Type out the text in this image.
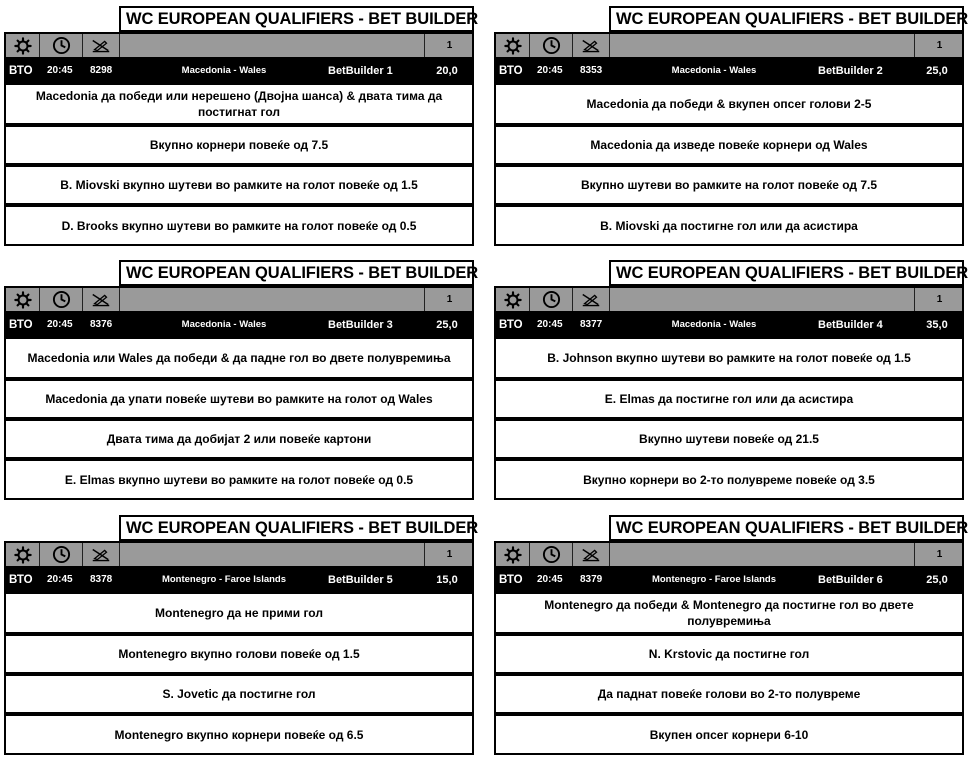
WC EUROPEAN QUALIFIERS - BET BUILDER
1
ВТО 20:45 8298	Macedonia - Wales	BetBuilder 1	20,0
Macedonia да победи или нерешено (Двојна шанса) & двата тима да постигнат гол
Вкупно корнери повеќе од 7.5
B. Miovski вкупно шутеви во рамките на голот повеќе од 1.5
D. Brooks вкупно шутеви во рамките на голот повеќе од 0.5
WC EUROPEAN QUALIFIERS - BET BUILDER
1
ВТО 20:45 8353	Macedonia - Wales	BetBuilder 2	25,0
Macedonia да победи & вкупен опсег голови 2-5
Macedonia да изведе повеќе корнери од Wales
Вкупно шутеви во рамките на голот повеќе од 7.5
B. Miovski да постигне гол или да асистира
WC EUROPEAN QUALIFIERS - BET BUILDER
1
ВТО 20:45 8376	Macedonia - Wales	BetBuilder 3	25,0
Macedonia или Wales да победи & да падне гол во двете полувремиња
Macedonia да упати повеќе шутеви во рамките на голот од Wales
Двата тима да добијат 2 или повеќе картони
E. Elmas вкупно шутеви во рамките на голот повеќе од 0.5
WC EUROPEAN QUALIFIERS - BET BUILDER
1
ВТО 20:45 8377	Macedonia - Wales	BetBuilder 4	35,0
B. Johnson вкупно шутеви во рамките на голот повеќе од 1.5
E. Elmas да постигне гол или да асистира
Вкупно шутеви повеќе од 21.5
Вкупно корнери во 2-то полувреме повеќе од 3.5
WC EUROPEAN QUALIFIERS - BET BUILDER
1
ВТО 20:45 8378	Montenegro - Faroe Islands	BetBuilder 5	15,0
Montenegro да не прими гол
Montenegro вкупно голови повеќе од 1.5
S. Jovetic да постигне гол
Montenegro вкупно корнери повеќе од 6.5
WC EUROPEAN QUALIFIERS - BET BUILDER
1
ВТО 20:45 8379	Montenegro - Faroe Islands	BetBuilder 6	25,0
Montenegro да победи & Montenegro да постигне гол во двете полувремиња
N. Krstovic да постигне гол
Да паднат повеќе голови во 2-то полувреме
Вкупен опсег корнери 6-10
